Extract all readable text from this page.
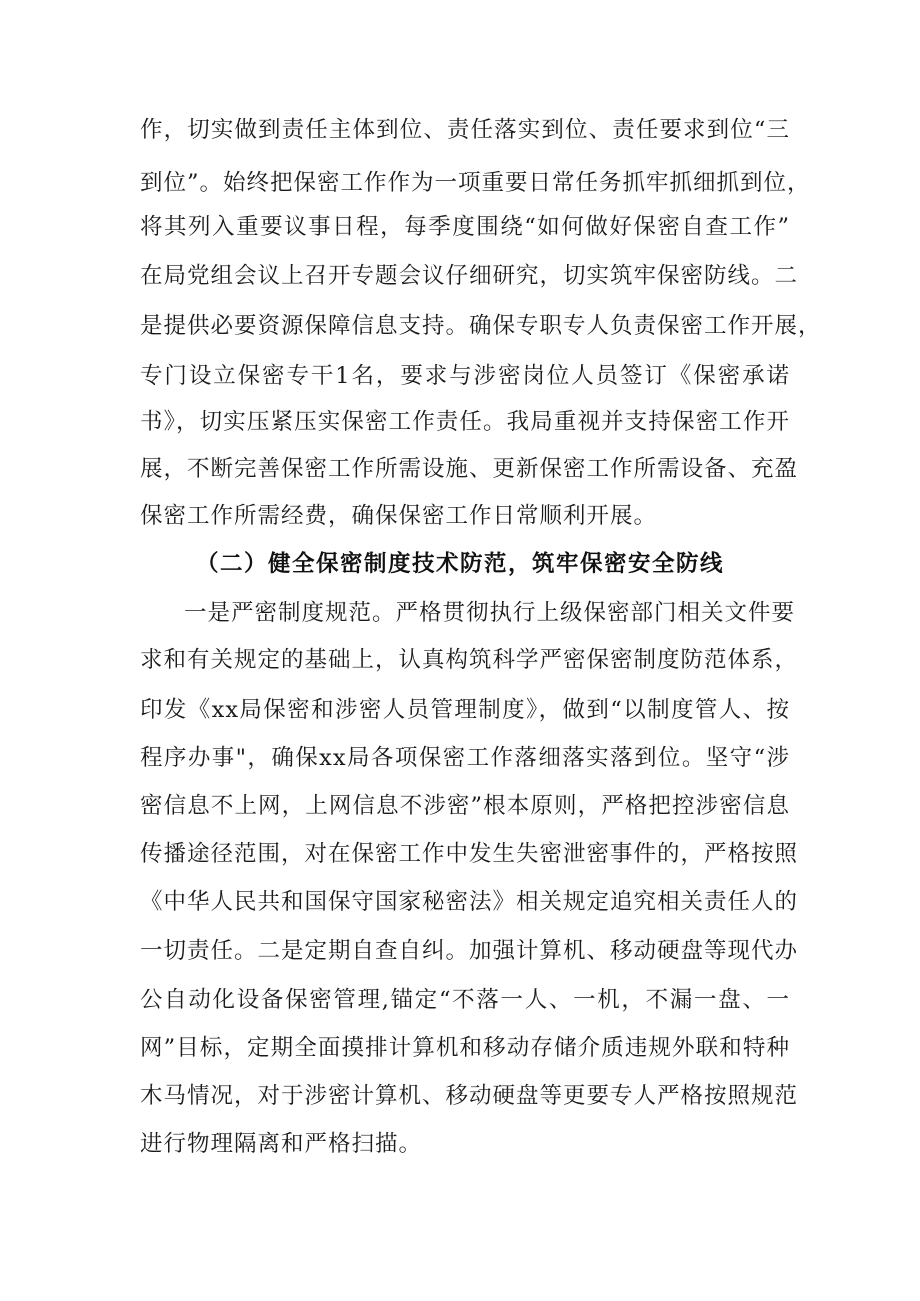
作，切实做到责任主体到位、责任落实到位、责任要求到位“三
到位”。始终把保密工作作为一项重要日常任务抓牢抓细抓到位，
将其列入重要议事日程，每季度围绕“如何做好保密自查工作”
在局党组会议上召开专题会议仔细研究，切实筑牢保密防线。二
是提供必要资源保障信息支持。确保专职专人负责保密工作开展，
专门设立保密专干1名，要求与涉密岗位人员签订《保密承诺
书》，切实压紧压实保密工作责任。我局重视并支持保密工作开
展，不断完善保密工作所需设施、更新保密工作所需设备、充盈
保密工作所需经费，确保保密工作日常顺利开展。
（二）健全保密制度技术防范，筑牢保密安全防线
一是严密制度规范。严格贯彻执行上级保密部门相关文件要
求和有关规定的基础上，认真构筑科学严密保密制度防范体系，
印发《xx局保密和涉密人员管理制度》，做到“以制度管人、按
程序办事"，确保xx局各项保密工作落细落实落到位。坚守“涉
密信息不上网，上网信息不涉密”根本原则，严格把控涉密信息
传播途径范围，对在保密工作中发生失密泄密事件的，严格按照
《中华人民共和国保守国家秘密法》相关规定追究相关责任人的
一切责任。二是定期自查自纠。加强计算机、移动硬盘等现代办
公自动化设备保密管理,锚定“不落一人、一机，不漏一盘、一
网”目标，定期全面摸排计算机和移动存储介质违规外联和特种
木马情况，对于涉密计算机、移动硬盘等更要专人严格按照规范
进行物理隔离和严格扫描。
